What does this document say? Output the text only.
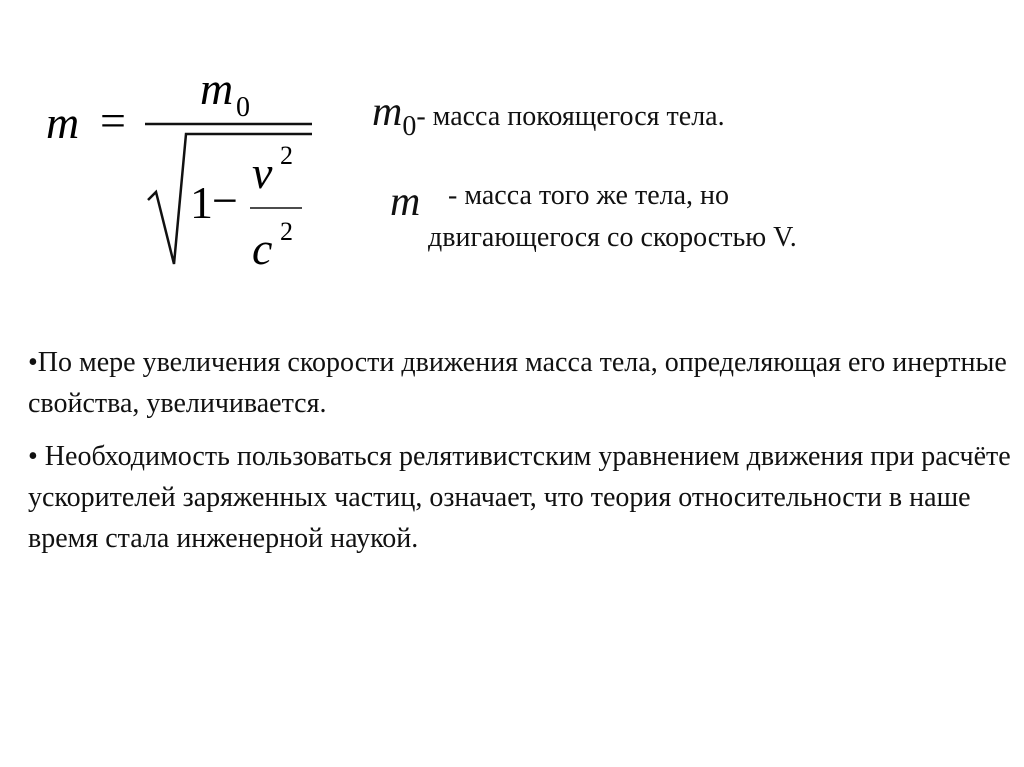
m =
m 0
1 −
v 2
c 2
m0- масса покоящегося тела.
m - масса того же тела, но
двигающегося со скоростью V.

•По мере увеличения скорости движения масса тела, определяющая его инертные свойства, увеличивается.

• Необходимость пользоваться релятивистским уравнением движения при расчёте ускорителей заряженных частиц, означает, что теория относительности в наше время стала инженерной наукой.
